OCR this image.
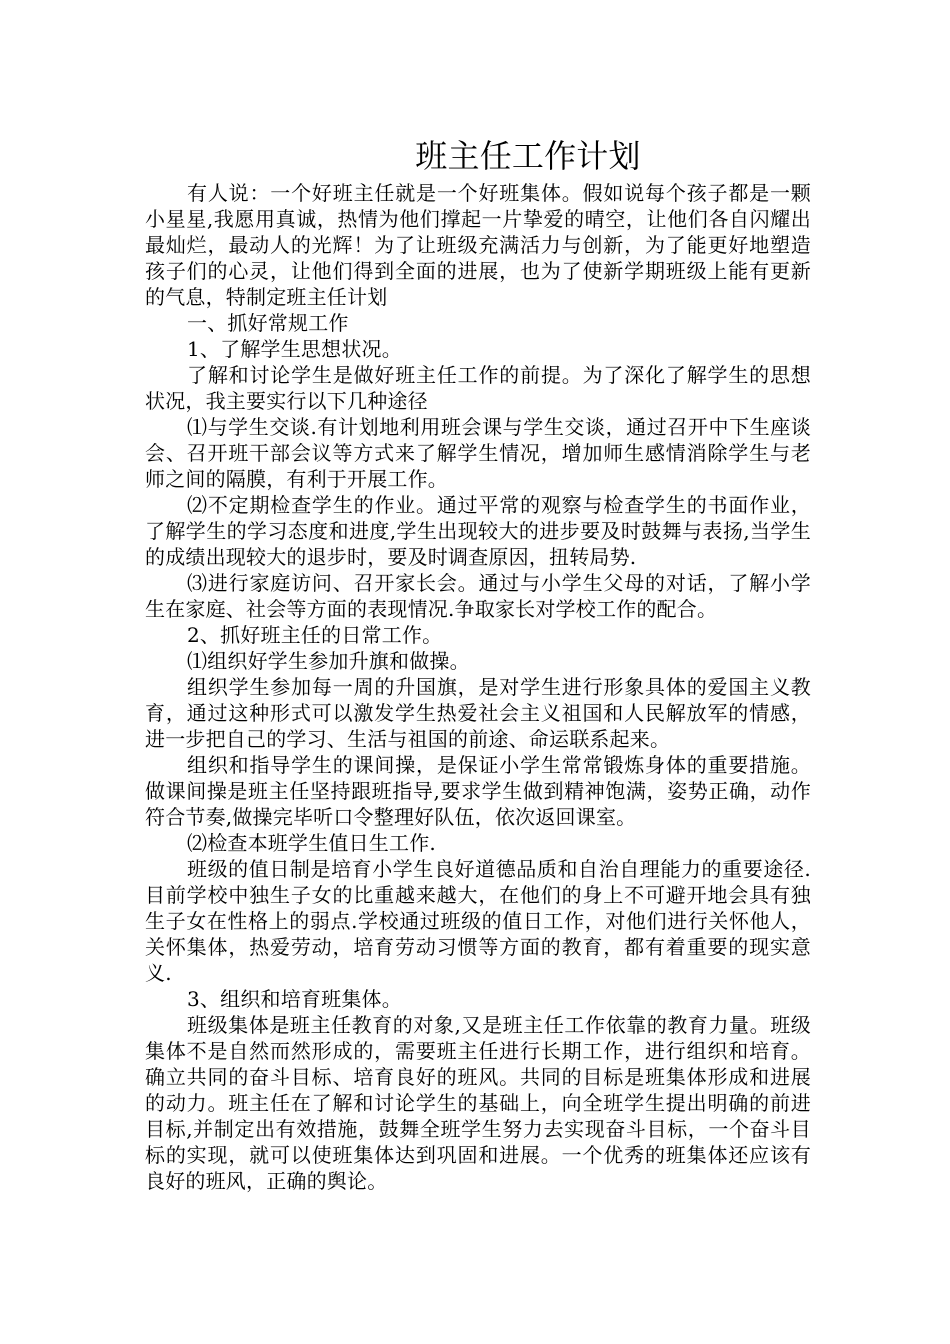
班主任工作计划

有人说：一个好班主任就是一个好班集体。假如说每个孩子都是一颗小星星,我愿用真诚，热情为他们撑起一片挚爱的晴空，让他们各自闪耀出最灿烂，最动人的光辉！为了让班级充满活力与创新，为了能更好地塑造孩子们的心灵，让他们得到全面的进展，也为了使新学期班级上能有更新的气息，特制定班主任计划

一、抓好常规工作

1、了解学生思想状况。

了解和讨论学生是做好班主任工作的前提。为了深化了解学生的思想状况，我主要实行以下几种途径

⑴与学生交谈.有计划地利用班会课与学生交谈，通过召开中下生座谈会、召开班干部会议等方式来了解学生情况，增加师生感情消除学生与老师之间的隔膜，有利于开展工作。

⑵不定期检查学生的作业。通过平常的观察与检查学生的书面作业，了解学生的学习态度和进度,学生出现较大的进步要及时鼓舞与表扬,当学生的成绩出现较大的退步时，要及时调查原因，扭转局势.

⑶进行家庭访问、召开家长会。通过与小学生父母的对话，了解小学生在家庭、社会等方面的表现情况.争取家长对学校工作的配合。

2、抓好班主任的日常工作。

⑴组织好学生参加升旗和做操。

组织学生参加每一周的升国旗，是对学生进行形象具体的爱国主义教育，通过这种形式可以激发学生热爱社会主义祖国和人民解放军的情感，进一步把自己的学习、生活与祖国的前途、命运联系起来。

组织和指导学生的课间操，是保证小学生常常锻炼身体的重要措施。做课间操是班主任坚持跟班指导,要求学生做到精神饱满，姿势正确，动作符合节奏,做操完毕听口令整理好队伍，依次返回课室。

⑵检查本班学生值日生工作.

班级的值日制是培育小学生良好道德品质和自治自理能力的重要途径.目前学校中独生子女的比重越来越大，在他们的身上不可避开地会具有独生子女在性格上的弱点.学校通过班级的值日工作，对他们进行关怀他人，关怀集体，热爱劳动，培育劳动习惯等方面的教育，都有着重要的现实意义.

3、组织和培育班集体。

班级集体是班主任教育的对象,又是班主任工作依靠的教育力量。班级集体不是自然而然形成的，需要班主任进行长期工作，进行组织和培育。确立共同的奋斗目标、培育良好的班风。共同的目标是班集体形成和进展的动力。班主任在了解和讨论学生的基础上，向全班学生提出明确的前进目标,并制定出有效措施，鼓舞全班学生努力去实现奋斗目标，一个奋斗目标的实现，就可以使班集体达到巩固和进展。一个优秀的班集体还应该有良好的班风，正确的舆论。
